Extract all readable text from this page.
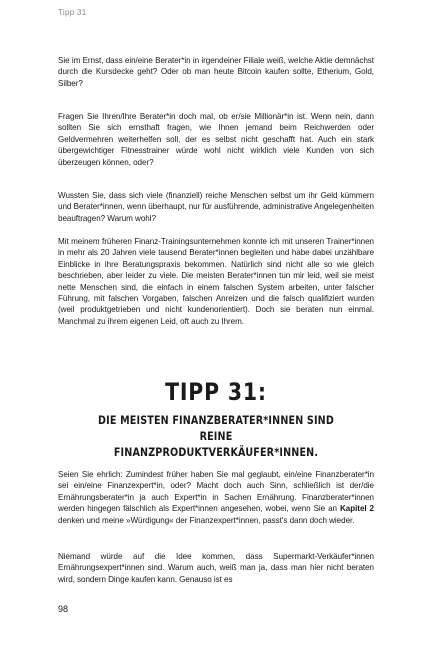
Tipp 31

Sie im Ernst, dass ein/eine Berater*in in irgendeiner Filiale weiß, welche Aktie demnächst durch die Kursdecke geht? Oder ob man heute Bitcoin kaufen sollte, Etherium, Gold, Silber?

Fragen Sie Ihren/Ihre Berater*in doch mal, ob er/sie Millionär*in ist. Wenn nein, dann sollten Sie sich ernsthaft fragen, wie Ihnen jemand beim Reichwerden oder Geldvermehren weiterhelfen soll, der es selbst nicht geschafft hat. Auch ein stark übergewichtiger Fitnesstrainer würde wohl nicht wirklich viele Kunden von sich überzeugen können, oder?

Wussten Sie, dass sich viele (finanziell) reiche Menschen selbst um ihr Geld kümmern und Berater*innen, wenn überhaupt, nur für ausführende, administrative Angelegenheiten beauftragen? Warum wohl?

Mit meinem früheren Finanz-Trainingsunternehmen konnte ich mit unseren Trainer*innen in mehr als 20 Jahren viele tausend Berater*innen begleiten und habe dabei unzählbare Einblicke in ihre Beratungspraxis bekommen. Natürlich sind nicht alle so wie gleich beschrieben, aber leider zu viele. Die meisten Berater*innen tun mir leid, weil sie meist nette Menschen sind, die einfach in einem falschen System arbeiten, unter falscher Führung, mit falschen Vorgaben, falschen Anreizen und die falsch qualifiziert wurden (weil produktgetrieben und nicht kundenorientiert). Doch sie beraten nun einmal. Manchmal zu ihrem eigenen Leid, oft auch zu Ihrem.

TIPP 31:
DIE MEISTEN FINANZBERATER*INNEN SIND REINE
FINANZPRODUKTVERKÄUFER*INNEN.

Seien Sie ehrlich: Zumindest früher haben Sie mal geglaubt, ein/eine Finanzberater*in sei ein/eine Finanzexpert*in, oder? Macht doch auch Sinn, schließlich ist der/die Ernährungsberater*in ja auch Expert*in in Sachen Ernährung. Finanzberater*innen werden hingegen fälschlich als Expert*innen angesehen, wobei, wenn Sie an Kapitel 2 denken und meine »Würdigung« der Finanzexpert*innen, passt's dann doch wieder.

Niemand würde auf die Idee kommen, dass Supermarkt-Verkäufer*innen Ernährungsexpert*innen sind. Warum auch, weiß man ja, dass man hier nicht beraten wird, sondern Dinge kaufen kann. Genauso ist es

98
